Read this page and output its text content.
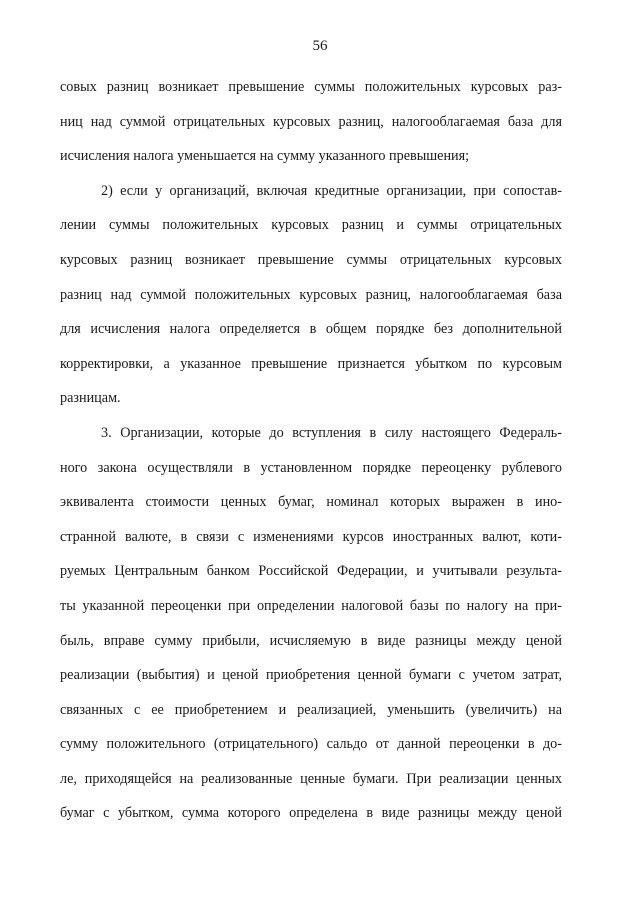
56
совых разниц возникает превышение суммы положительных курсовых раз-
ниц над суммой отрицательных курсовых разниц, налогооблагаемая база для
исчисления налога уменьшается на сумму указанного превышения;
2) если у организаций, включая кредитные организации, при сопостав-
лении суммы положительных курсовых разниц и суммы отрицательных
курсовых разниц возникает превышение суммы отрицательных курсовых
разниц над суммой положительных курсовых разниц, налогооблагаемая база
для исчисления налога определяется в общем порядке без дополнительной
корректировки, а указанное превышение признается убытком по курсовым
разницам.
3. Организации, которые до вступления в силу настоящего Федераль-
ного закона осуществляли в установленном порядке переоценку рублевого
эквивалента стоимости ценных бумаг, номинал которых выражен в ино-
странной валюте, в связи с изменениями курсов иностранных валют, коти-
руемых Центральным банком Российской Федерации, и учитывали результа-
ты указанной переоценки при определении налоговой базы по налогу на при-
быль, вправе сумму прибыли, исчисляемую в виде разницы между ценой
реализации (выбытия) и ценой приобретения ценной бумаги с учетом затрат,
связанных с ее приобретением и реализацией, уменьшить (увеличить) на
сумму положительного (отрицательного) сальдо от данной переоценки в до-
ле, приходящейся на реализованные ценные бумаги. При реализации ценных
бумаг с убытком, сумма которого определена в виде разницы между ценой
